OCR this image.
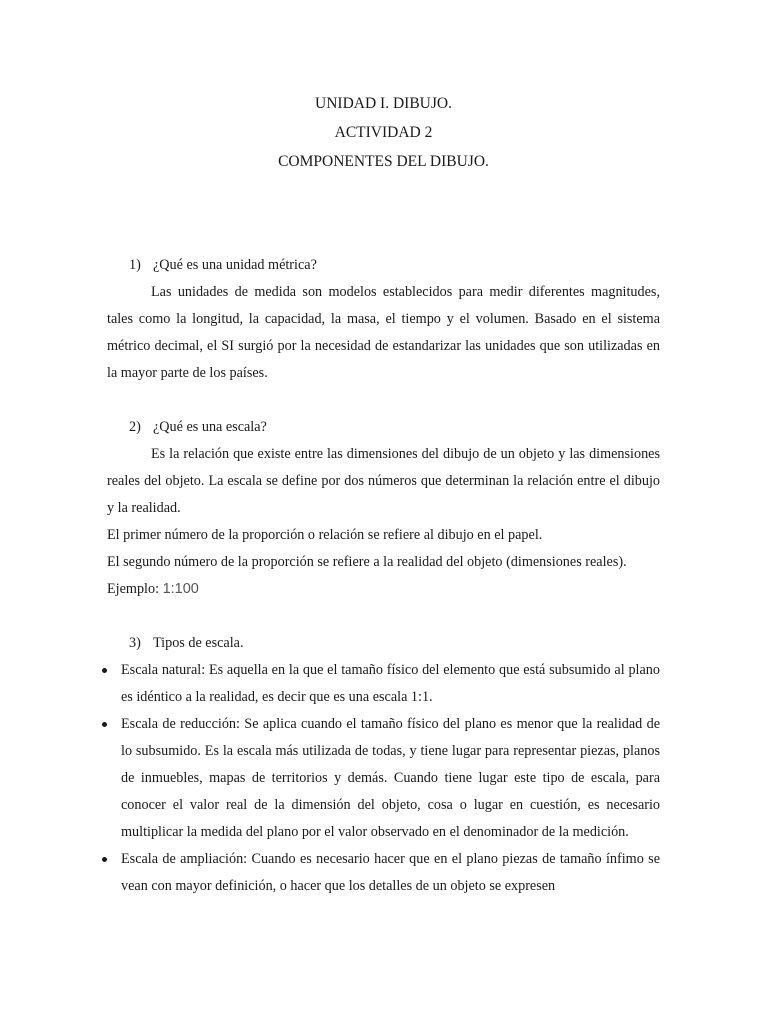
UNIDAD I. DIBUJO.
ACTIVIDAD 2
COMPONENTES DEL DIBUJO.
1) ¿Qué es una unidad métrica?

Las unidades de medida son modelos establecidos para medir diferentes magnitudes, tales como la longitud, la capacidad, la masa, el tiempo y el volumen. Basado en el sistema métrico decimal, el SI surgió por la necesidad de estandarizar las unidades que son utilizadas en la mayor parte de los países.

2) ¿Qué es una escala?

Es la relación que existe entre las dimensiones del dibujo de un objeto y las dimensiones reales del objeto. La escala se define por dos números que determinan la relación entre el dibujo y la realidad.

El primer número de la proporción o relación se refiere al dibujo en el papel.

El segundo número de la proporción se refiere a la realidad del objeto (dimensiones reales).

Ejemplo: 1:100

3) Tipos de escala.
Escala natural: Es aquella en la que el tamaño físico del elemento que está subsumido al plano es idéntico a la realidad, es decir que es una escala 1:1.
Escala de reducción: Se aplica cuando el tamaño físico del plano es menor que la realidad de lo subsumido. Es la escala más utilizada de todas, y tiene lugar para representar piezas, planos de inmuebles, mapas de territorios y demás. Cuando tiene lugar este tipo de escala, para conocer el valor real de la dimensión del objeto, cosa o lugar en cuestión, es necesario multiplicar la medida del plano por el valor observado en el denominador de la medición.
Escala de ampliación: Cuando es necesario hacer que en el plano piezas de tamaño ínfimo se vean con mayor definición, o hacer que los detalles de un objeto se expresen
